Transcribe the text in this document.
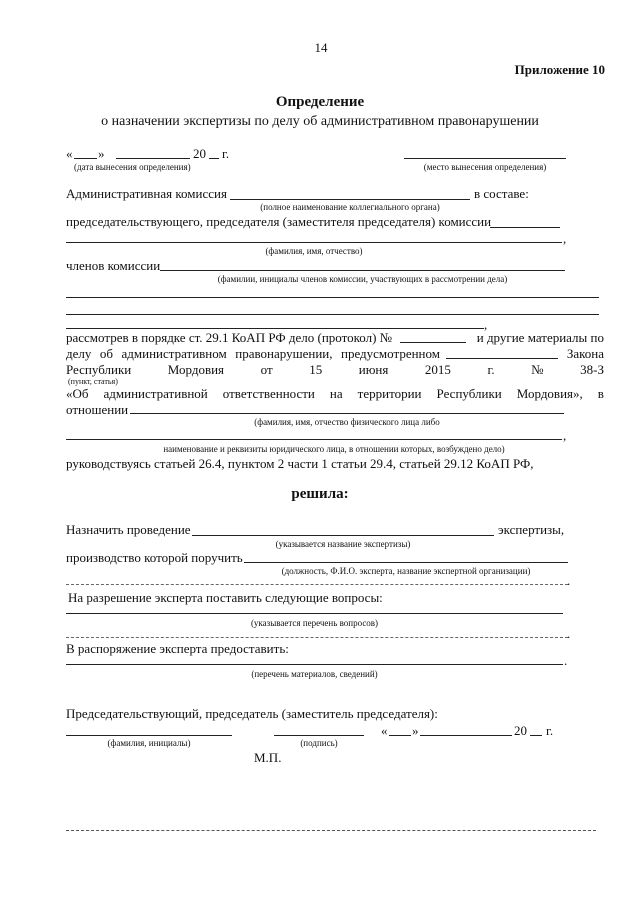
14
Приложение 10
Определение
о назначении экспертизы по делу об административном правонарушении
« »	20 г.
(дата вынесения определения)	(место вынесения определения)
Административная комиссия	в составе:
(полное наименование коллегиального органа)
председательствующего, председателя (заместителя председателя) комиссии
,
(фамилия, имя, отчество)
членов комиссии
(фамилии, инициалы членов комиссии, участвующих в рассмотрении дела)
,
рассмотрев в порядке ст. 29.1 КоАП РФ дело (протокол) №	и другие материалы по
делу об административном правонарушении, предусмотренном	Закона
Республики	Мордовия	от	15	июня	2015	г.	№	38-З
(пункт, статья)
«Об административной ответственности на территории Республики Мордовия», в
отношении
(фамилия, имя, отчество физического лица либо
,
наименование и реквизиты юридического лица, в отношении которых, возбуждено дело)
руководствуясь статьей 26.4, пунктом 2 части 1 статьи 29.4, статьей 29.12 КоАП РФ,
решила:
Назначить проведение	экспертизы,
(указывается название экспертизы)
производство которой поручить
(должность, Ф.И.О. эксперта, название экспертной организации)
.
На разрешение эксперта поставить следующие вопросы:
(указывается перечень вопросов)
.
В распоряжение эксперта предоставить:
.
(перечень материалов, сведений)
Председательствующий, председатель (заместитель председателя):
(фамилия, инициалы)	(подпись)
« »	20 г.
М.П.
